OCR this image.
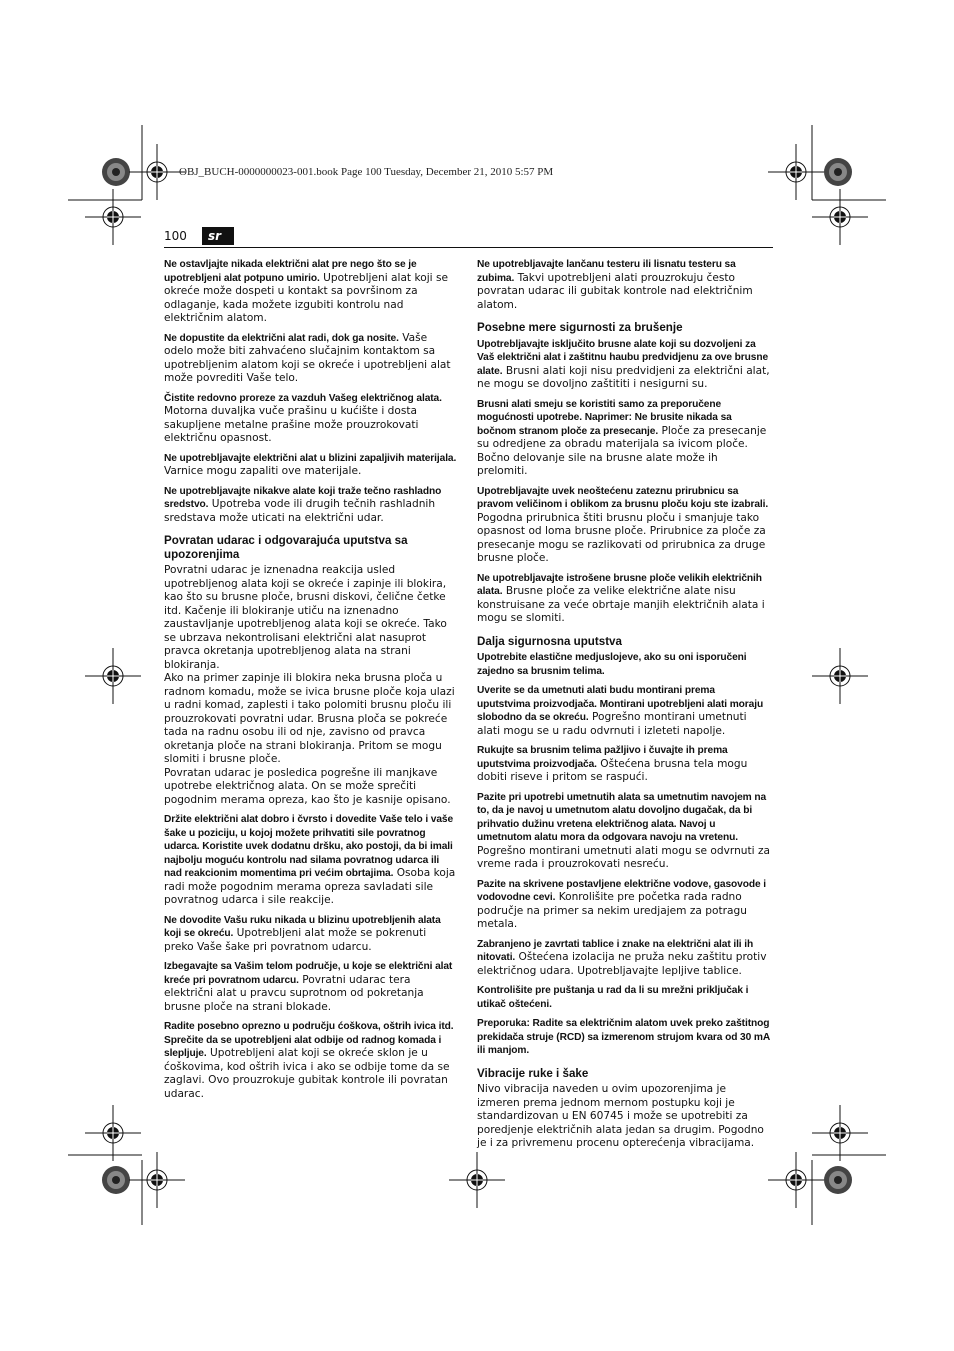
OBJ_BUCH-0000000023-001.book Page 100 Tuesday, December 21, 2010 5:57 PM
100	sr

Ne ostavljajte nikada električni alat pre nego što se je upotrebljeni alat potpuno umirio. Upotrebljeni alat koji se okreće može dospeti u kontakt sa površinom za odlaganje, kada možete izgubiti kontrolu nad električnim alatom.

Ne dopustite da električni alat radi, dok ga nosite. Vaše odelo može biti zahvaćeno slučajnim kontaktom sa upotrebljenim alatom koji se okreće i upotrebljeni alat može povrediti Vaše telo.

Čistite redovno proreze za vazduh Vašeg električnog alata. Motorna duvaljka vuče prašinu u kućište i dosta sakupljene metalne prašine može prouzrokovati električnu opasnost.

Ne upotrebljavajte električni alat u blizini zapaljivih materijala. Varnice mogu zapaliti ove materijale.

Ne upotrebljavajte nikakve alate koji traže tečno rashladno sredstvo. Upotreba vode ili drugih tečnih rashladnih sredstava može uticati na električni udar.

Povratan udarac i odgovarajuća uputstva sa upozorenjima

Povratni udarac je iznenadna reakcija usled upotrebljenog alata koji se okreće i zapinje ili blokira, kao što su brusne ploče, brusni diskovi, čelične četke itd. Kačenje ili blokiranje utiču na iznenadno zaustavljanje upotrebljenog alata koji se okreće. Tako se ubrzava nekontrolisani električni alat nasuprot pravca okretanja upotrebljenog alata na strani blokiranja.

Ako na primer zapinje ili blokira neka brusna ploča u radnom komadu, može se ivica brusne ploče koja ulazi u radni komad, zaplesti i tako polomiti brusnu ploču ili prouzrokovati povratni udar. Brusna ploča se pokreće tada na radnu osobu ili od nje, zavisno od pravca okretanja ploče na strani blokiranja. Pritom se mogu slomiti i brusne ploče.

Povratan udarac je posledica pogrešne ili manjkave upotrebe električnog alata. On se može sprečiti pogodnim merama opreza, kao što je kasnije opisano.

Držite električni alat dobro i čvrsto i dovedite Vaše telo i vaše šake u poziciju, u kojoj možete prihvatiti sile povratnog udarca. Koristite uvek dodatnu dršku, ako postoji, da bi imali najbolju moguću kontrolu nad silama povratnog udarca ili nad reakcionim momentima pri većim obrtajima. Osoba koja radi može pogodnim merama opreza savladati sile povratnog udarca i sile reakcije.

Ne dovodite Vašu ruku nikada u blizinu upotrebljenih alata koji se okreću. Upotrebljeni alat može se pokrenuti preko Vaše šake pri povratnom udarcu.

Izbegavajte sa Vašim telom područje, u koje se električni alat kreće pri povratnom udarcu. Povratni udarac tera električni alat u pravcu suprotnom od pokretanja brusne ploče na strani blokade.

Radite posebno oprezno u području ćoškova, oštrih ivica itd. Sprečite da se upotrebljeni alat odbije od radnog komada i slepljuje. Upotrebljeni alat koji se okreće sklon je u ćoškovima, kod oštrih ivica i ako se odbije tome da se zaglavi. Ovo prouzrokuje gubitak kontrole ili povratan udarac.

Ne upotrebljavajte lančanu testeru ili lisnatu testeru sa zubima. Takvi upotrebljeni alati prouzrokuju često povratan udarac ili gubitak kontrole nad električnim alatom.

Posebne mere sigurnosti za brušenje

Upotrebljavajte isključito brusne alate koji su dozvoljeni za Vaš električni alat i zaštitnu haubu predvidjenu za ove brusne alate. Brusni alati koji nisu predvidjeni za električni alat, ne mogu se dovoljno zaštititi i nesigurni su.

Brusni alati smeju se koristiti samo za preporučene mogućnosti upotrebe. Naprimer: Ne brusite nikada sa bočnom stranom ploče za presecanje. Ploče za presecanje su odredjene za obradu materijala sa ivicom ploče. Bočno delovanje sile na brusne alate može ih prelomiti.

Upotrebljavajte uvek neoštećenu zateznu prirubnicu sa pravom veličinom i oblikom za brusnu ploču koju ste izabrali. Pogodna prirubnica štiti brusnu ploču i smanjuje tako opasnost od loma brusne ploče. Prirubnice za ploče za presecanje mogu se razlikovati od prirubnica za druge brusne ploče.

Ne upotrebljavajte istrošene brusne ploče velikih električnih alata. Brusne ploče za velike električne alate nisu konstruisane za veće obrtaje manjih električnih alata i mogu se slomiti.

Dalja sigurnosna uputstva

Upotrebite elastične medjuslojeve, ako su oni isporučeni zajedno sa brusnim telima.

Uverite se da umetnuti alati budu montirani prema uputstvima proizvodjača. Montirani upotrebljeni alati moraju slobodno da se okreću. Pogrešno montirani umetnuti alati mogu se u radu odvrnuti i izleteti napolje.

Rukujte sa brusnim telima pažljivo i čuvajte ih prema uputstvima proizvodjača. Oštećena brusna tela mogu dobiti riseve i pritom se raspući.

Pazite pri upotrebi umetnutih alata sa umetnutim navojem na to, da je navoj u umetnutom alatu dovoljno dugačak, da bi prihvatio dužinu vretena električnog alata. Navoj u umetnutom alatu mora da odgovara navoju na vretenu. Pogrešno montirani umetnuti alati mogu se odvrnuti za vreme rada i prouzrokovati nesreću.

Pazite na skrivene postavljene električne vodove, gasovode i vodovodne cevi. Konrolišite pre početka rada radno područje na primer sa nekim uredjajem za potragu metala.

Zabranjeno je zavrtati tablice i znake na električni alat ili ih nitovati. Oštećena izolacija ne pruža neku zaštitu protiv električnog udara. Upotrebljavajte lepljive tablice.

Kontrolišite pre puštanja u rad da li su mrežni priključak i utikač oštećeni.

Preporuka: Radite sa električnim alatom uvek preko zaštitnog prekidača struje (RCD) sa izmerenom strujom kvara od 30 mA ili manjom.

Vibracije ruke i šake

Nivo vibracija naveden u ovim upozorenjima je izmeren prema jednom mernom postupku koji je standardizovan u EN 60745 i može se upotrebiti za poredjenje električnih alata jedan sa drugim. Pogodno je i za privremenu procenu opterećenja vibracijama.
